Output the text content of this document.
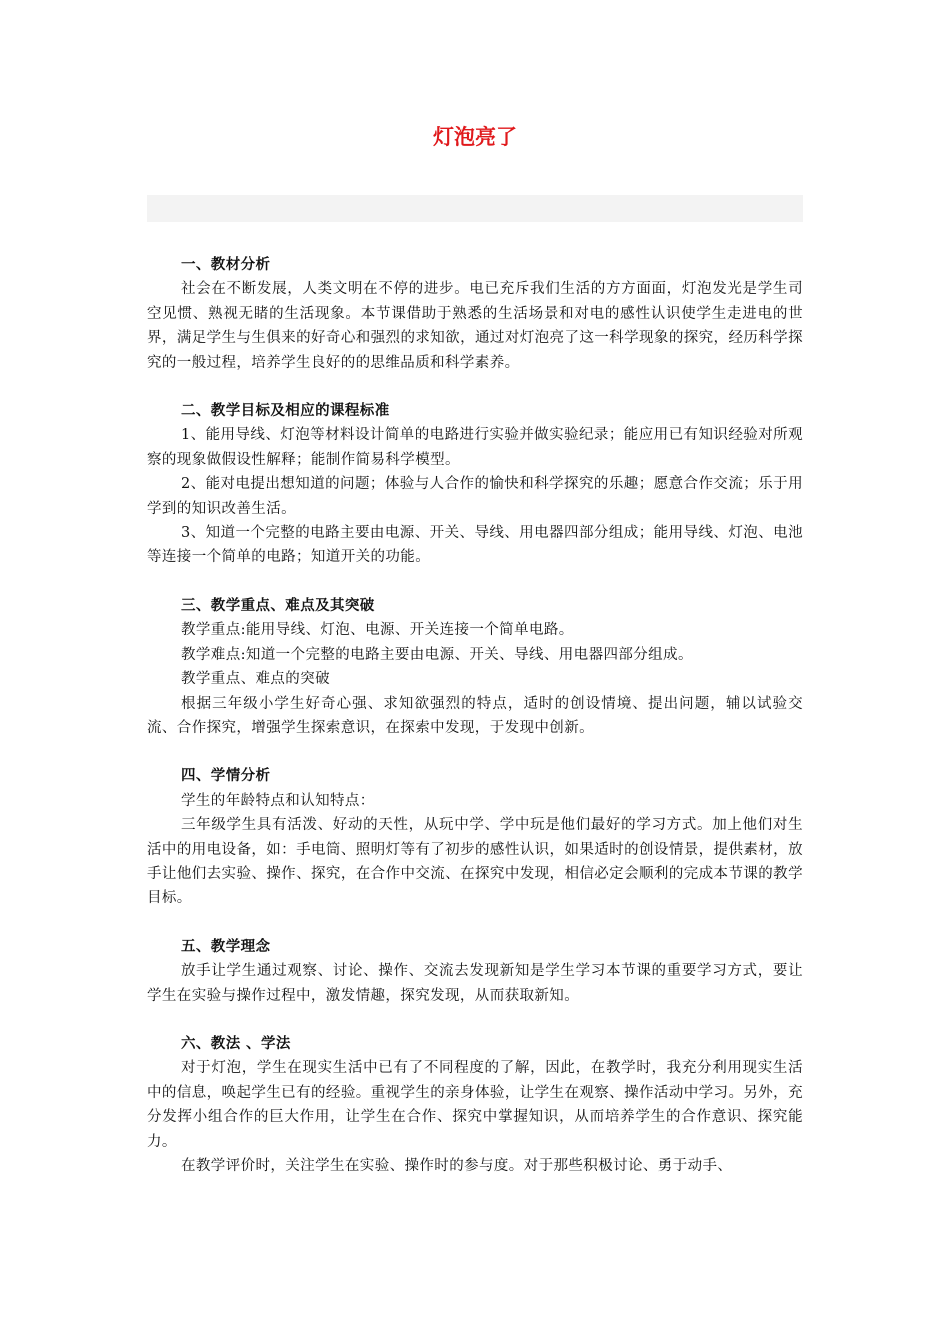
灯泡亮了

一、教材分析

社会在不断发展，人类文明在不停的进步。电已充斥我们生活的方方面面，灯泡发光是学生司空见惯、熟视无睹的生活现象。本节课借助于熟悉的生活场景和对电的感性认识使学生走进电的世界，满足学生与生俱来的好奇心和强烈的求知欲，通过对灯泡亮了这一科学现象的探究，经历科学探究的一般过程，培养学生良好的的思维品质和科学素养。

二、教学目标及相应的课程标准

1、能用导线、灯泡等材料设计简单的电路进行实验并做实验纪录；能应用已有知识经验对所观察的现象做假设性解释；能制作简易科学模型。

2、能对电提出想知道的问题；体验与人合作的愉快和科学探究的乐趣；愿意合作交流；乐于用学到的知识改善生活。

3、知道一个完整的电路主要由电源、开关、导线、用电器四部分组成；能用导线、灯泡、电池等连接一个简单的电路；知道开关的功能。

三、教学重点、难点及其突破

教学重点:能用导线、灯泡、电源、开关连接一个简单电路。

教学难点:知道一个完整的电路主要由电源、开关、导线、用电器四部分组成。

教学重点、难点的突破

根据三年级小学生好奇心强、求知欲强烈的特点，适时的创设情境、提出问题，辅以试验交流、合作探究，增强学生探索意识，在探索中发现，于发现中创新。

四、学情分析

学生的年龄特点和认知特点：

三年级学生具有活泼、好动的天性，从玩中学、学中玩是他们最好的学习方式。加上他们对生活中的用电设备，如：手电筒、照明灯等有了初步的感性认识，如果适时的创设情景，提供素材，放手让他们去实验、操作、探究，在合作中交流、在探究中发现，相信必定会顺利的完成本节课的教学目标。

五、教学理念

放手让学生通过观察、讨论、操作、交流去发现新知是学生学习本节课的重要学习方式，要让学生在实验与操作过程中，激发情趣，探究发现，从而获取新知。

六、教法 、学法

对于灯泡，学生在现实生活中已有了不同程度的了解，因此，在教学时，我充分利用现实生活中的信息，唤起学生已有的经验。重视学生的亲身体验，让学生在观察、操作活动中学习。另外，充分发挥小组合作的巨大作用，让学生在合作、探究中掌握知识，从而培养学生的合作意识、探究能力。

在教学评价时，关注学生在实验、操作时的参与度。对于那些积极讨论、勇于动手、
